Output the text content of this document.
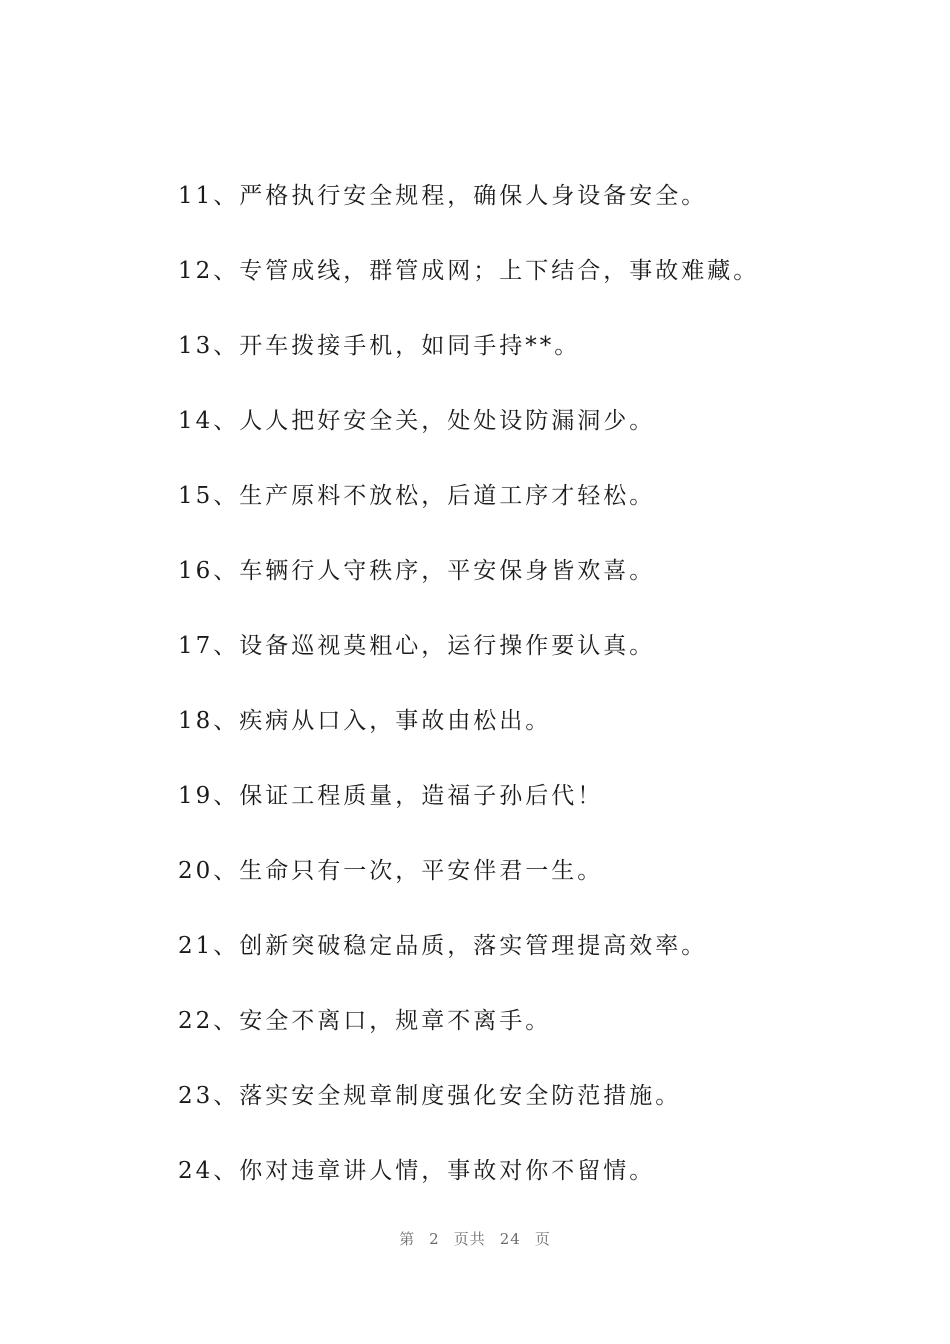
11、严格执行安全规程，确保人身设备安全。
12、专管成线，群管成网；上下结合，事故难藏。
13、开车拨接手机，如同手持**。
14、人人把好安全关，处处设防漏洞少。
15、生产原料不放松，后道工序才轻松。
16、车辆行人守秩序，平安保身皆欢喜。
17、设备巡视莫粗心，运行操作要认真。
18、疾病从口入，事故由松出。
19、保证工程质量，造福子孙后代！
20、生命只有一次，平安伴君一生。
21、创新突破稳定品质，落实管理提高效率。
22、安全不离口，规章不离手。
23、落实安全规章制度强化安全防范措施。
24、你对违章讲人情，事故对你不留情。
第 2 页共 24 页
